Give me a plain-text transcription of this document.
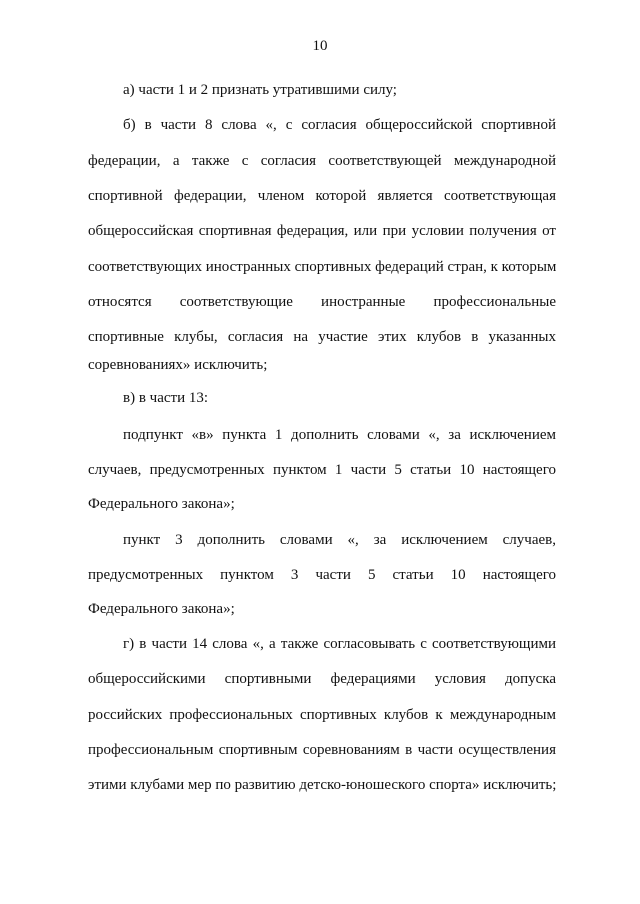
10
а) части 1 и 2 признать утратившими силу;
б) в части 8 слова «, с согласия общероссийской спортивной
федерации, а также с согласия соответствующей международной
спортивной федерации, членом которой является соответствующая
общероссийская спортивная федерация, или при условии получения от
соответствующих иностранных спортивных федераций стран, к которым
относятся соответствующие иностранные профессиональные
спортивные клубы, согласия на участие этих клубов в указанных
соревнованиях» исключить;
в) в части 13:
подпункт «в» пункта 1 дополнить словами «, за исключением
случаев, предусмотренных пунктом 1 части 5 статьи 10 настоящего
Федерального закона»;
пункт 3 дополнить словами «, за исключением случаев,
предусмотренных пунктом 3 части 5 статьи 10 настоящего
Федерального закона»;
г) в части 14 слова «, а также согласовывать с соответствующими
общероссийскими спортивными федерациями условия допуска
российских профессиональных спортивных клубов к международным
профессиональным спортивным соревнованиям в части осуществления
этими клубами мер по развитию детско-юношеского спорта» исключить;
